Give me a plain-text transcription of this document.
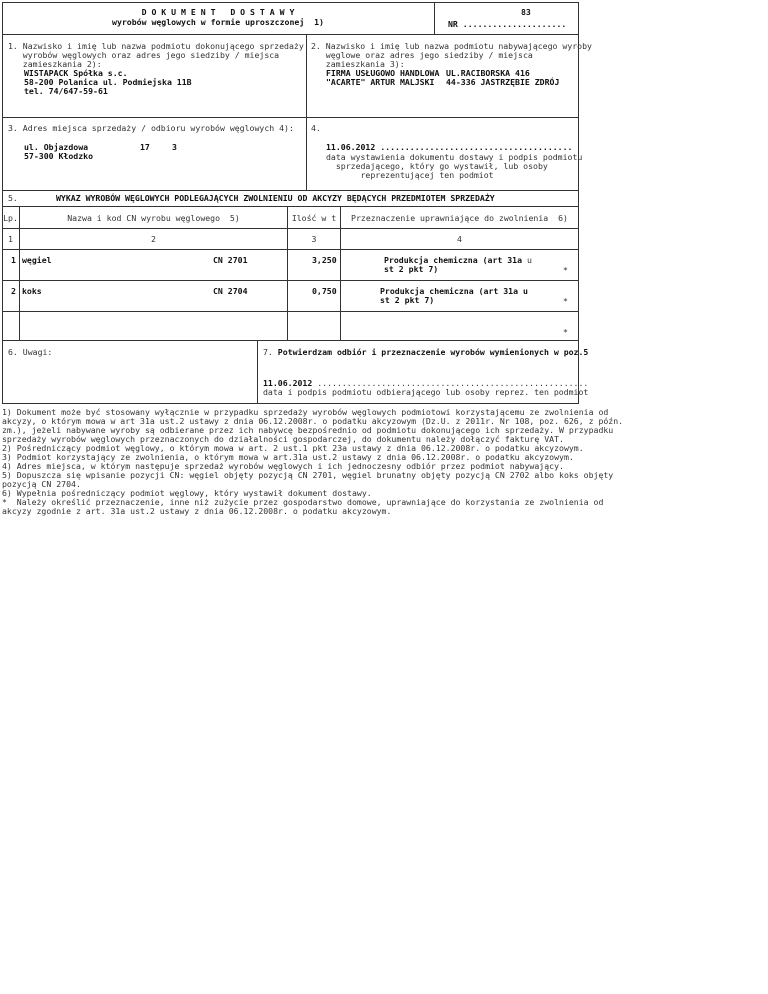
D O K U M E N T   D O S T A W Y
wyrobów węglowych w formie uproszczonej  1)
83
NR .....................
1. Nazwisko i imię lub nazwa podmiotu dokonującego sprzedaży
wyrobów węglowych oraz adres jego siedziby / miejsca
zamieszkania 2):
WISTAPACK Spółka s.c.
58-200 Polanica ul. Podmiejska 11B
tel. 74/647-59-61
2. Nazwisko i imię lub nazwa podmiotu nabywającego wyroby
węglowe oraz adres jego siedziby / miejsca
zamieszkania 3):
FIRMA USŁUGOWO HANDLOWA
"ACARTE" ARTUR MALJSKI
UL.RACIBORSKA 416
44-336 JASTRZĘBIE ZDRÓJ
3. Adres miejsca sprzedaży / odbioru wyrobów węglowych 4):
ul. Objazdowa	17	3
57-300 Kłodzko
4.
11.06.2012 .......................................
data wystawienia dokumentu dostawy i podpis podmiotu
sprzedającego, który go wystawił, lub osoby
reprezentującej ten podmiot
5.	WYKAZ WYROBÓW WĘGLOWYCH PODLEGAJĄCYCH ZWOLNIENIU OD AKCYZY BĘDĄCYCH PRZEDMIOTEM SPRZEDAŻY
Lp.	Nazwa i kod CN wyrobu węglowego  5)	Ilość w t	Przeznaczenie uprawniające do zwolnienia  6)
1	2	3	4
1 węgiel	CN 2701	3,250	Produkcja chemiczna (art 31a u
st 2 pkt 7)	*
2 koks	CN 2704	0,750	Produkcja chemiczna (art 31a u
st 2 pkt 7)	*
*
6. Uwagi:	7. Potwierdzam odbiór i przeznaczenie wyrobów wymienionych w poz.5
11.06.2012 .......................................................
data i podpis podmiotu odbierającego lub osoby reprez. ten podmiot
1) Dokument może być stosowany wyłącznie w przypadku sprzedaży wyrobów węglowych podmiotowi korzystającemu ze zwolnienia od
akcyzy, o którym mowa w art 31a ust.2 ustawy z dnia 06.12.2008r. o podatku akcyzowym (Dz.U. z 2011r. Nr 108, poz. 626, z późn.
zm.), jeżeli nabywane wyroby są odbierane przez ich nabywcę bezpośrednio od podmiotu dokonującego ich sprzedaży. W przypadku
sprzedaży wyrobów węglowych przeznaczonych do działalności gospodarczej, do dokumentu należy dołączyć fakturę VAT.
2) Pośredniczący podmiot węglowy, o którym mowa w art. 2 ust.1 pkt 23a ustawy z dnia 06.12.2008r. o podatku akcyzowym.
3) Podmiot korzystający ze zwolnienia, o którym mowa w art.31a ust.2 ustawy z dnia 06.12.2008r. o podatku akcyzowym.
4) Adres miejsca, w którym następuje sprzedaż wyrobów węglowych i ich jednoczesny odbiór przez podmiot nabywający.
5) Dopuszcza się wpisanie pozycji CN: węgiel objęty pozycją CN 2701, węgiel brunatny objęty pozycją CN 2702 albo koks objęty
pozycją CN 2704.
6) Wypełnia pośredniczący podmiot węglowy, który wystawił dokument dostawy.
*  Należy określić przeznaczenie, inne niż zużycie przez gospodarstwo domowe, uprawniające do korzystania ze zwolnienia od
akcyzy zgodnie z art. 31a ust.2 ustawy z dnia 06.12.2008r. o podatku akcyzowym.
